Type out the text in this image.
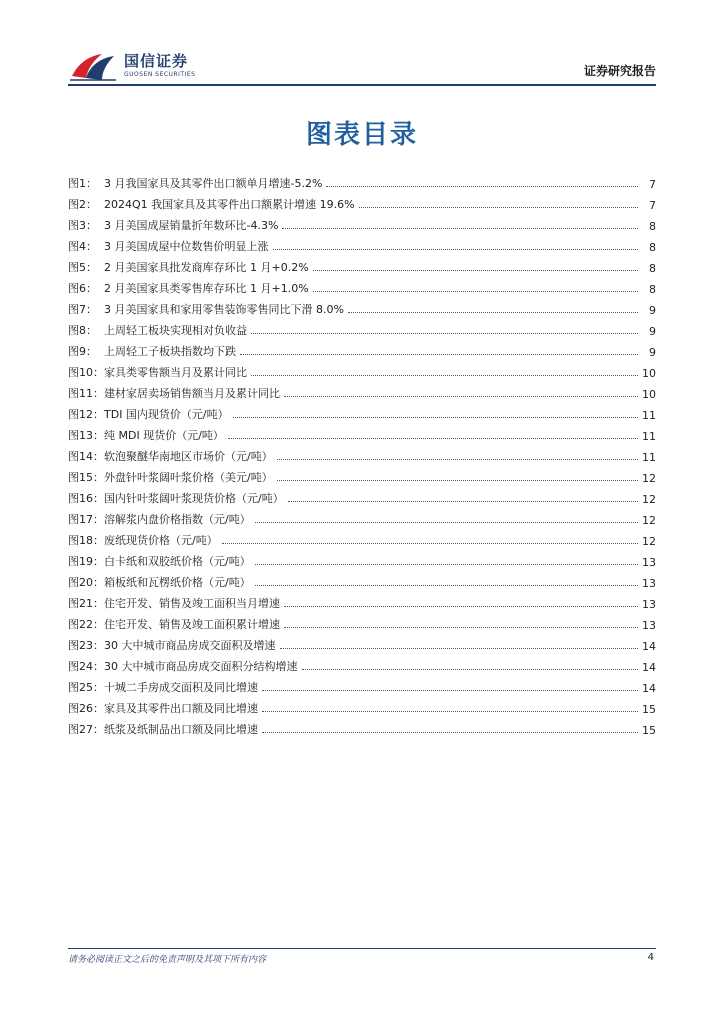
国信证券
GUOSEN SECURITIES	证券研究报告
图表目录
图1： 3 月我国家具及其零件出口额单月增速-5.2%	7
图2： 2024Q1 我国家具及其零件出口额累计增速 19.6%	7
图3： 3 月美国成屋销量折年数环比-4.3%	8
图4： 3 月美国成屋中位数售价明显上涨	8
图5： 2 月美国家具批发商库存环比 1 月+0.2%	8
图6： 2 月美国家具类零售库存环比 1 月+1.0%	8
图7： 3 月美国家具和家用零售装饰零售同比下滑 8.0%	9
图8： 上周轻工板块实现相对负收益	9
图9： 上周轻工子板块指数均下跌	9
图10： 家具类零售额当月及累计同比	10
图11： 建材家居卖场销售额当月及累计同比	10
图12： TDI 国内现货价（元/吨）	11
图13： 纯 MDI 现货价（元/吨）	11
图14： 软泡聚醚华南地区市场价（元/吨）	11
图15： 外盘针叶浆阔叶浆价格（美元/吨）	12
图16： 国内针叶浆阔叶浆现货价格（元/吨）	12
图17： 溶解浆内盘价格指数（元/吨）	12
图18： 废纸现货价格（元/吨）	12
图19： 白卡纸和双胶纸价格（元/吨）	13
图20： 箱板纸和瓦楞纸价格（元/吨）	13
图21： 住宅开发、销售及竣工面积当月增速	13
图22： 住宅开发、销售及竣工面积累计增速	13
图23： 30 大中城市商品房成交面积及增速	14
图24： 30 大中城市商品房成交面积分结构增速	14
图25： 十城二手房成交面积及同比增速	14
图26： 家具及其零件出口额及同比增速	15
图27： 纸浆及纸制品出口额及同比增速	15
请务必阅读正文之后的免责声明及其项下所有内容	4
